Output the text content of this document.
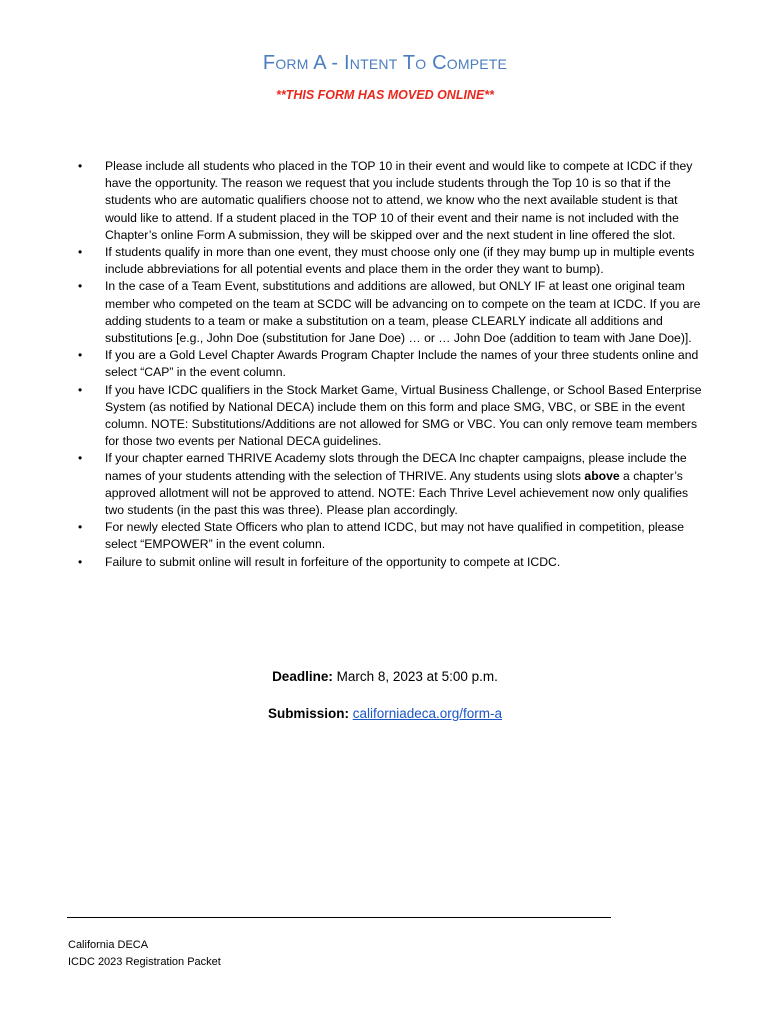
Form A - Intent To Compete
**THIS FORM HAS MOVED ONLINE**
• Please include all students who placed in the TOP 10 in their event and would like to compete at ICDC if they have the opportunity. The reason we request that you include students through the Top 10 is so that if the students who are automatic qualifiers choose not to attend, we know who the next available student is that would like to attend. If a student placed in the TOP 10 of their event and their name is not included with the Chapter’s online Form A submission, they will be skipped over and the next student in line offered the slot.
• If students qualify in more than one event, they must choose only one (if they may bump up in multiple events include abbreviations for all potential events and place them in the order they want to bump).
• In the case of a Team Event, substitutions and additions are allowed, but ONLY IF at least one original team member who competed on the team at SCDC will be advancing on to compete on the team at ICDC. If you are adding students to a team or make a substitution on a team, please CLEARLY indicate all additions and substitutions [e.g., John Doe (substitution for Jane Doe) … or … John Doe (addition to team with Jane Doe)].
• If you are a Gold Level Chapter Awards Program Chapter Include the names of your three students online and select “CAP” in the event column.
• If you have ICDC qualifiers in the Stock Market Game, Virtual Business Challenge, or School Based Enterprise System (as notified by National DECA) include them on this form and place SMG, VBC, or SBE in the event column. NOTE: Substitutions/Additions are not allowed for SMG or VBC. You can only remove team members for those two events per National DECA guidelines.
• If your chapter earned THRIVE Academy slots through the DECA Inc chapter campaigns, please include the names of your students attending with the selection of THRIVE. Any students using slots above a chapter’s approved allotment will not be approved to attend. NOTE: Each Thrive Level achievement now only qualifies two students (in the past this was three). Please plan accordingly.
• For newly elected State Officers who plan to attend ICDC, but may not have qualified in competition, please select “EMPOWER” in the event column.
• Failure to submit online will result in forfeiture of the opportunity to compete at ICDC.
Deadline: March 8, 2023 at 5:00 p.m.
Submission: californiadeca.org/form-a
California DECA
ICDC 2023 Registration Packet
